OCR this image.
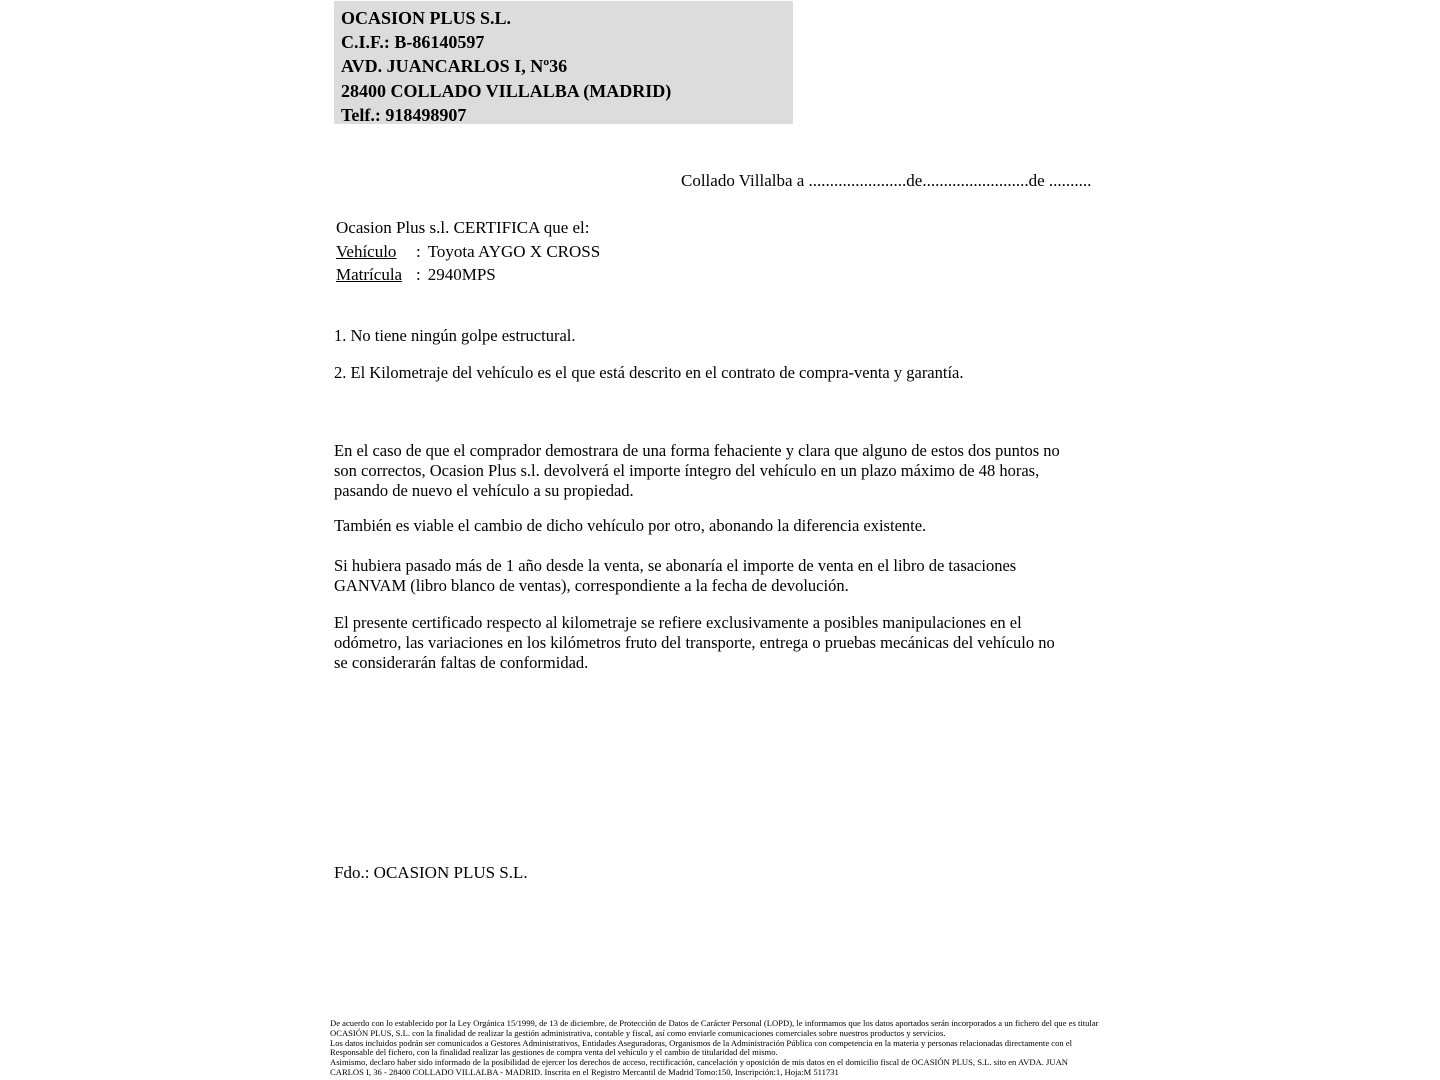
OCASION PLUS S.L.
C.I.F.: B-86140597
AVD. JUANCARLOS I, Nº36
28400 COLLADO VILLALBA (MADRID)
Telf.: 918498907
Collado Villalba a .......................de.........................de ..........
Ocasion Plus s.l. CERTIFICA que el:
Vehículo	: Toyota AYGO X CROSS
Matrícula : 2940MPS
1. No tiene ningún golpe estructural.
2. El Kilometraje del vehículo es el que está descrito en el contrato de compra-venta y garantía.
En el caso de que el comprador demostrara de una forma fehaciente y clara que alguno de estos dos puntos no
son correctos, Ocasion Plus s.l. devolverá el importe íntegro del vehículo en un plazo máximo de 48 horas,
pasando de nuevo el vehículo a su propiedad.
También es viable el cambio de dicho vehículo por otro, abonando la diferencia existente.
Si hubiera pasado más de 1 año desde la venta, se abonaría el importe de venta en el libro de tasaciones
GANVAM (libro blanco de ventas), correspondiente a la fecha de devolución.
El presente certificado respecto al kilometraje se refiere exclusivamente a posibles manipulaciones en el
odómetro, las variaciones en los kilómetros fruto del transporte, entrega o pruebas mecánicas del vehículo no
se considerarán faltas de conformidad.
Fdo.: OCASION PLUS S.L.
De acuerdo con lo establecido por la Ley Orgánica 15/1999, de 13 de diciembre, de Protección de Datos de Carácter Personal (LOPD), le informamos que los datos aportados serán incorporados a un fichero del que es titular
OCASIÓN PLUS, S.L. con la finalidad de realizar la gestión administrativa, contable y fiscal, así como enviarle comunicaciones comerciales sobre nuestros productos y servicios.
Los datos incluidos podrán ser comunicados a Gestores Administrativos, Entidades Aseguradoras, Organismos de la Administración Pública con competencia en la materia y personas relacionadas directamente con el
Responsable del fichero, con la finalidad realizar las gestiones de compra venta del vehículo y el cambio de titularidad del mismo.
Asimismo, declaro haber sido informado de la posibilidad de ejercer los derechos de acceso, rectificación, cancelación y oposición de mis datos en el domicilio fiscal de OCASIÓN PLUS, S.L. sito en AVDA. JUAN
CARLOS I, 36 - 28400 COLLADO VILLALBA - MADRID. Inscrita en el Registro Mercantil de Madrid Tomo:150, Inscripción:1, Hoja:M 511731
